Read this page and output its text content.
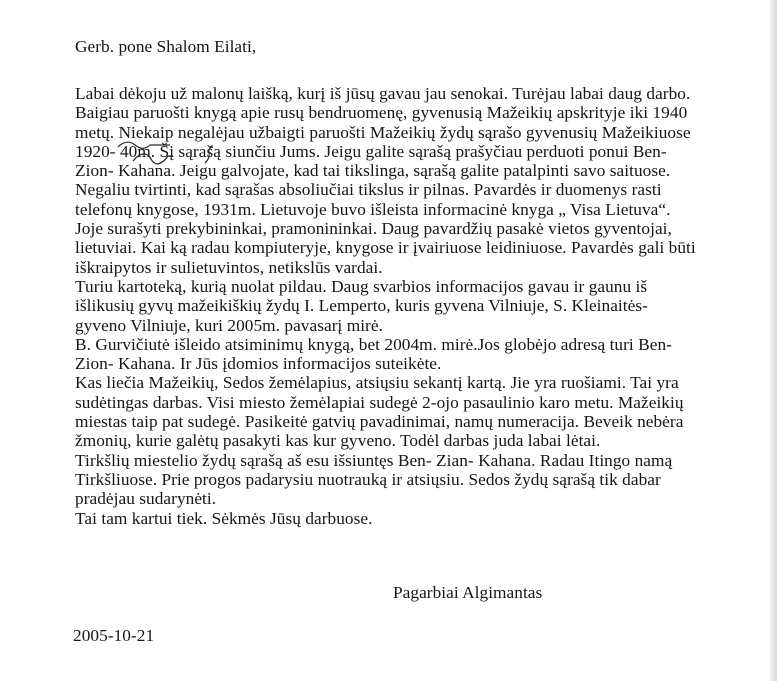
Gerb. pone Shalom Eilati,
Labai dėkoju už malonų laišką, kurį iš jūsų gavau jau senokai. Turėjau labai daug darbo.
Baigiau paruošti knygą apie rusų bendruomenę, gyvenusią Mažeikių apskrityje iki 1940
metų. Niekaip negalėjau užbaigti paruošti Mažeikių žydų sąrašo gyvenusių Mažeikiuose
1920- 40m. Šį sąrašą siunčiu Jums. Jeigu galite sąrašą prašyčiau perduoti ponui Ben-
Zion- Kahana. Jeigu galvojate, kad tai tikslinga, sąrašą galite patalpinti savo saituose.
Negaliu tvirtinti, kad sąrašas absoliučiai tikslus ir pilnas. Pavardės ir duomenys rasti
telefonų knygose, 1931m. Lietuvoje buvo išleista informacinė knyga „ Visa Lietuva“.
Joje surašyti prekybininkai, pramonininkai. Daug pavardžių pasakė vietos gyventojai,
lietuviai. Kai ką radau kompiuteryje, knygose ir įvairiuose leidiniuose. Pavardės gali būti
iškraipytos ir sulietuvintos, netikslūs vardai.
Turiu kartoteką, kurią nuolat pildau. Daug svarbios informacijos gavau ir gaunu iš
išlikusių gyvų mažeikiškių žydų I. Lemperto, kuris gyvena Vilniuje, S. Kleinaitės-
gyveno Vilniuje, kuri 2005m. pavasarį mirė.
B. Gurvičiutė išleido atsiminimų knygą, bet 2004m. mirė.Jos globėjo adresą turi Ben-
Zion- Kahana. Ir Jūs įdomios informacijos suteikėte.
Kas liečia Mažeikių, Sedos žemėlapius, atsiųsiu sekantį kartą. Jie yra ruošiami. Tai yra
sudėtingas darbas. Visi miesto žemėlapiai sudegė 2-ojo pasaulinio karo metu. Mažeikių
miestas taip pat sudegė. Pasikeitė gatvių pavadinimai, namų numeracija. Beveik nebėra
žmonių, kurie galėtų pasakyti kas kur gyveno. Todėl darbas juda labai lėtai.
Tirkšlių miestelio žydų sąrašą aš esu išsiuntęs Ben- Zian- Kahana. Radau Itingo namą
Tirkšliuose. Prie progos padarysiu nuotrauką ir atsiųsiu. Sedos žydų sąrašą tik dabar
pradėjau sudarynėti.
Tai tam kartui tiek. Sėkmės Jūsų darbuose.
Pagarbiai Algimantas
2005-10-21
